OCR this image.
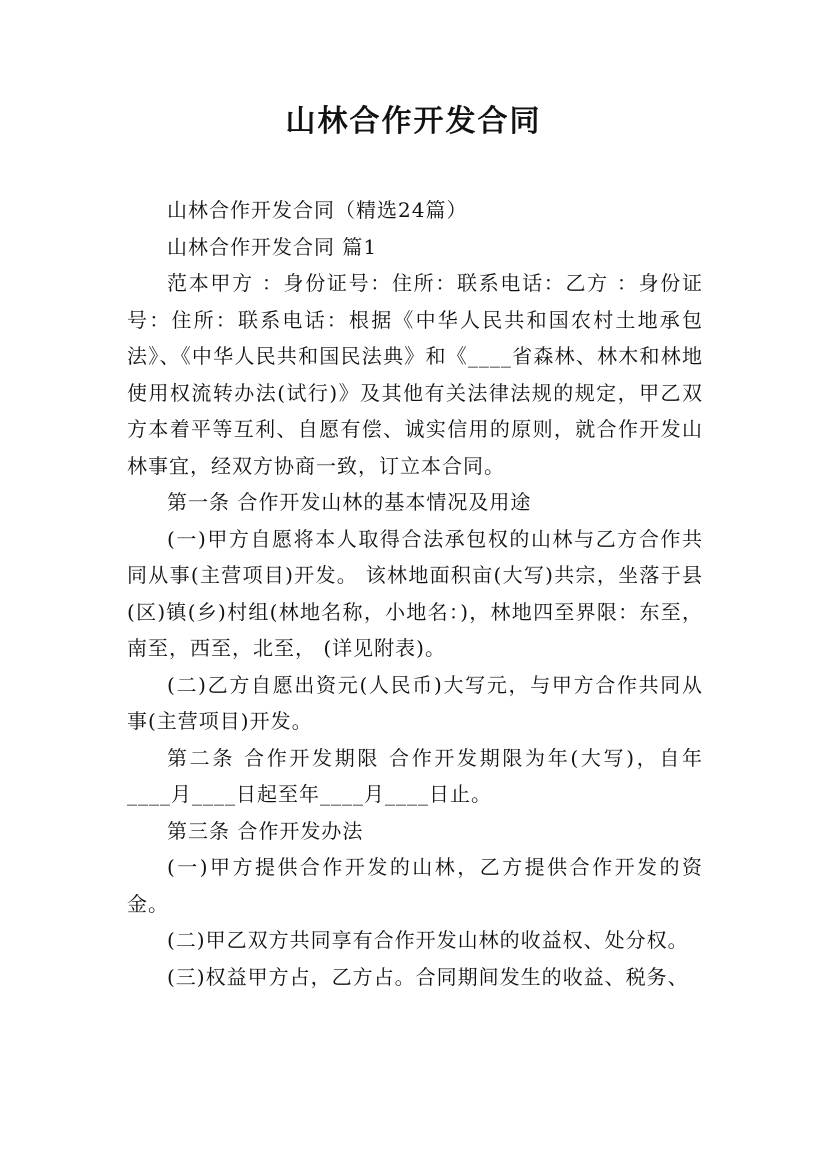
山林合作开发合同

山林合作开发合同（精选24篇）

山林合作开发合同 篇1

范本甲方 ：身份证号：住所：联系电话：乙方 ：身份证号：住所：联系电话：根据《中华人民共和国农村土地承包法》、《中华人民共和国民法典》和《____省森林、林木和林地使用权流转办法(试行)》及其他有关法律法规的规定，甲乙双方本着平等互利、自愿有偿、诚实信用的原则，就合作开发山林事宜，经双方协商一致，订立本合同。

第一条 合作开发山林的基本情况及用途

(一)甲方自愿将本人取得合法承包权的山林与乙方合作共同从事(主营项目)开发。 该林地面积亩(大写)共宗，坐落于县(区)镇(乡)村组(林地名称，小地名：)，林地四至界限：东至，南至，西至，北至， (详见附表)。

(二)乙方自愿出资元(人民币)大写元，与甲方合作共同从事(主营项目)开发。

第二条 合作开发期限 合作开发期限为年(大写)，自年____月____日起至年____月____日止。

第三条 合作开发办法

(一)甲方提供合作开发的山林，乙方提供合作开发的资金。

(二)甲乙双方共同享有合作开发山林的收益权、处分权。

(三)权益甲方占，乙方占。合同期间发生的收益、税务、
